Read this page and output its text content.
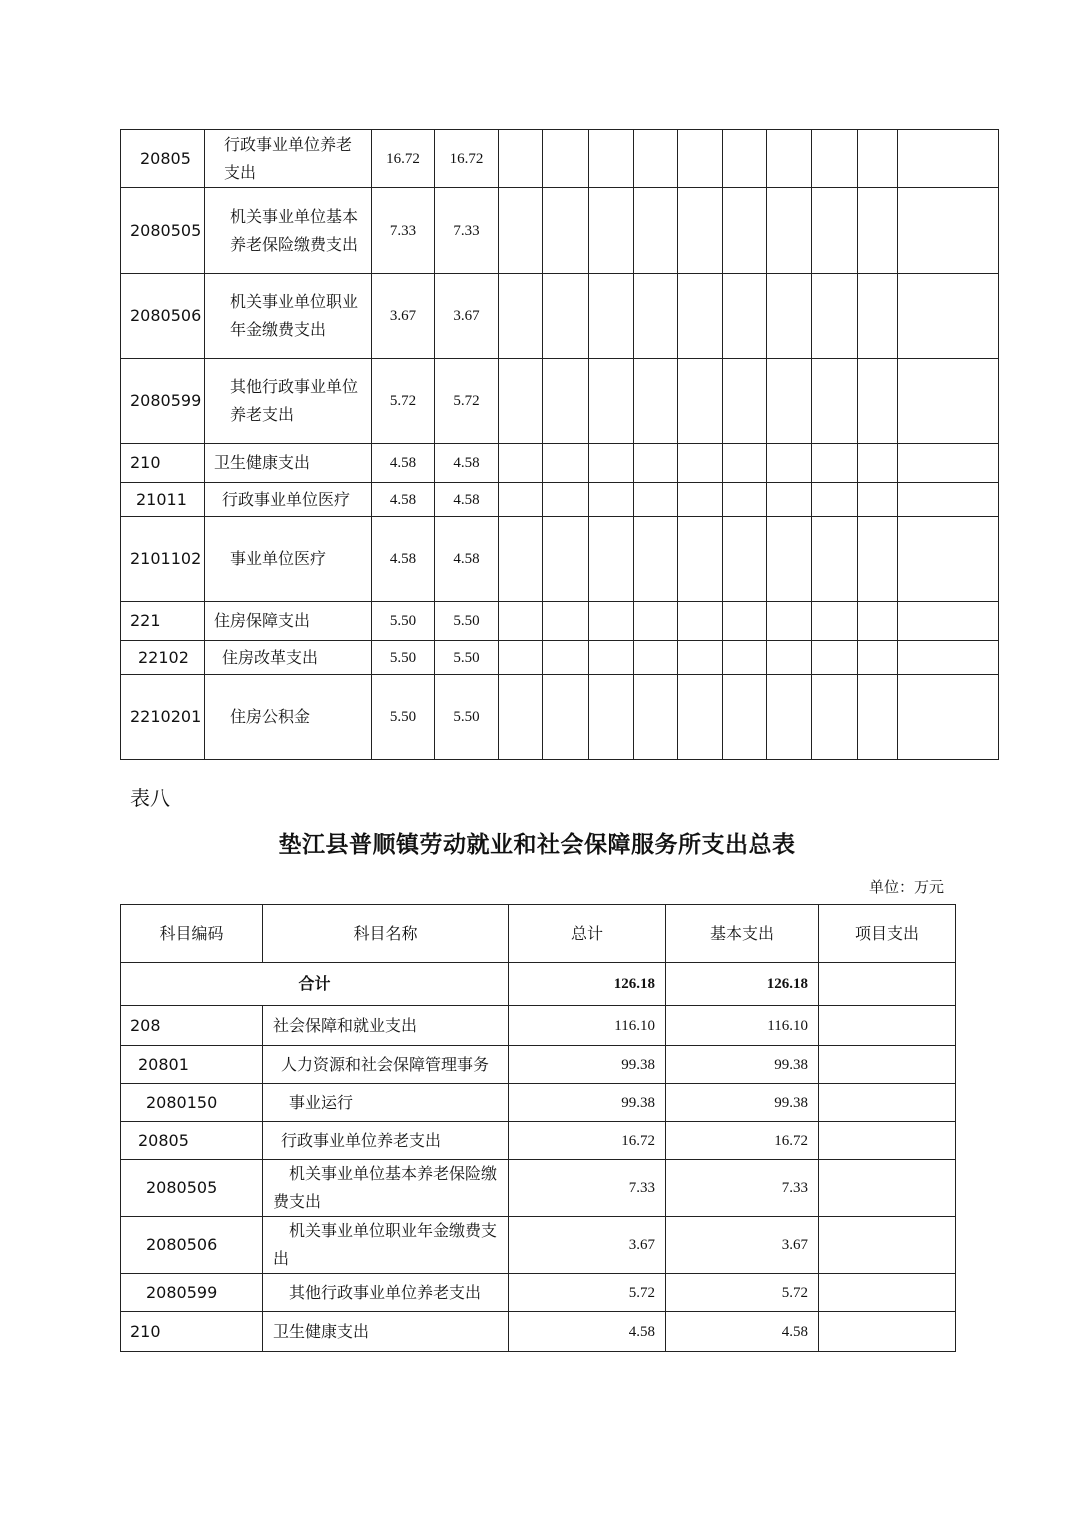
20805	行政事业单位养老支出	16.72	16.72										
2080505	机关事业单位基本养老保险缴费支出	7.33	7.33										
2080506	机关事业单位职业年金缴费支出	3.67	3.67										
2080599	其他行政事业单位养老支出	5.72	5.72										
210	卫生健康支出	4.58	4.58										
21011	行政事业单位医疗	4.58	4.58										
2101102	事业单位医疗	4.58	4.58										
221	住房保障支出	5.50	5.50										
22102	住房改革支出	5.50	5.50										
2210201	住房公积金	5.50	5.50										
表八
垫江县普顺镇劳动就业和社会保障服务所支出总表
单位：万元
科目编码	科目名称	总计	基本支出	项目支出
合计		126.18	126.18	
208	社会保障和就业支出	116.10	116.10	
20801	人力资源和社会保障管理事务	99.38	99.38	
2080150	事业运行	99.38	99.38	
20805	行政事业单位养老支出	16.72	16.72	
2080505	机关事业单位基本养老保险缴费支出	7.33	7.33	
2080506	机关事业单位职业年金缴费支出	3.67	3.67	
2080599	其他行政事业单位养老支出	5.72	5.72	
210	卫生健康支出	4.58	4.58	
